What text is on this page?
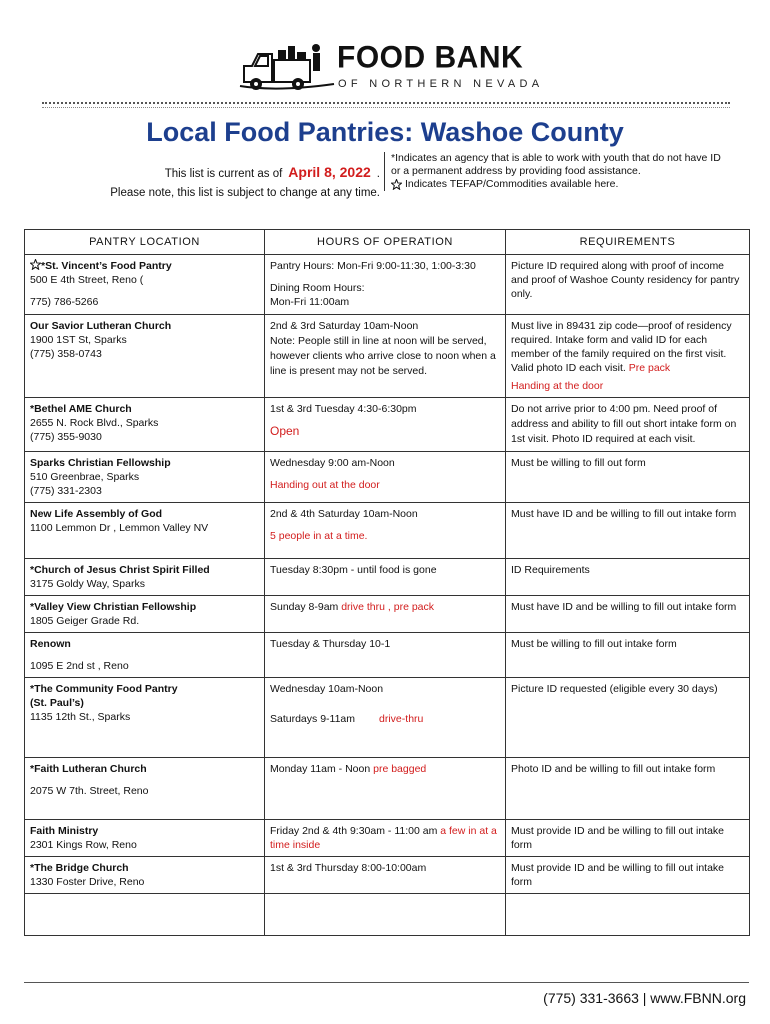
FOOD BANK
OF NORTHERN NEVADA
Local Food Pantries: Washoe County
This list is current as of April 8, 2022 .
Please note, this list is subject to change at any time.
*Indicates an agency that is able to work with youth that do not have ID or a permanent address by providing food assistance.
Indicates TEFAP/Commodities available here.
PANTRY LOCATION	HOURS OF OPERATION	REQUIREMENTS

*St. Vincent’s Food Pantry
500 E 4th Street, Reno (
775) 786-5266	Pantry Hours: Mon-Fri 9:00-11:30, 1:00-3:30
Dining Room Hours:
Mon-Fri 11:00am	Picture ID required along with proof of income and proof of Washoe County residency for pantry only.

Our Savior Lutheran Church
1900 1ST St, Sparks
(775) 358-0743	2nd & 3rd Saturday 10am-Noon
Note: People still in line at noon will be served, however clients who arrive close to noon when a line is present may not be served.	Must live in 89431 zip code—proof of residency required. Intake form and valid ID for each member of the family required on the first visit. Valid photo ID each visit. Pre pack
Handing at the door

*Bethel AME Church
2655 N. Rock Blvd., Sparks
(775) 355-9030	1st & 3rd Tuesday 4:30-6:30pm
Open	Do not arrive prior to 4:00 pm. Need proof of address and ability to fill out short intake form on 1st visit. Photo ID required at each visit.

Sparks Christian Fellowship
510 Greenbrae, Sparks
(775) 331-2303	Wednesday 9:00 am-Noon
Handing out at the door	Must be willing to fill out form

New Life Assembly of God
1100 Lemmon Dr , Lemmon Valley NV	2nd & 4th Saturday 10am-Noon
5 people in at a time.	Must have ID and be willing to fill out intake form

*Church of Jesus Christ Spirit Filled
3175 Goldy Way, Sparks	Tuesday 8:30pm - until food is gone	ID Requirements

*Valley View Christian Fellowship
1805 Geiger Grade Rd.	Sunday 8-9am drive thru , pre pack	Must have ID and be willing to fill out intake form

Renown
1095 E 2nd st , Reno	Tuesday & Thursday 10-1	Must be willing to fill out intake form

*The Community Food Pantry
(St. Paul’s)
1135 12th St., Sparks	Wednesday 10am-Noon
Saturdays 9-11am drive-thru	Picture ID requested (eligible every 30 days)

*Faith Lutheran Church
2075 W 7th. Street, Reno	Monday 11am - Noon pre bagged	Photo ID and be willing to fill out intake form

Faith Ministry
2301 Kings Row, Reno	Friday 2nd & 4th 9:30am - 11:00 am a few in at a time inside	Must provide ID and be willing to fill out intake form

*The Bridge Church
1330 Foster Drive, Reno	1st & 3rd Thursday 8:00-10:00am	Must provide ID and be willing to fill out intake form

(775) 331-3663 | www.FBNN.org
